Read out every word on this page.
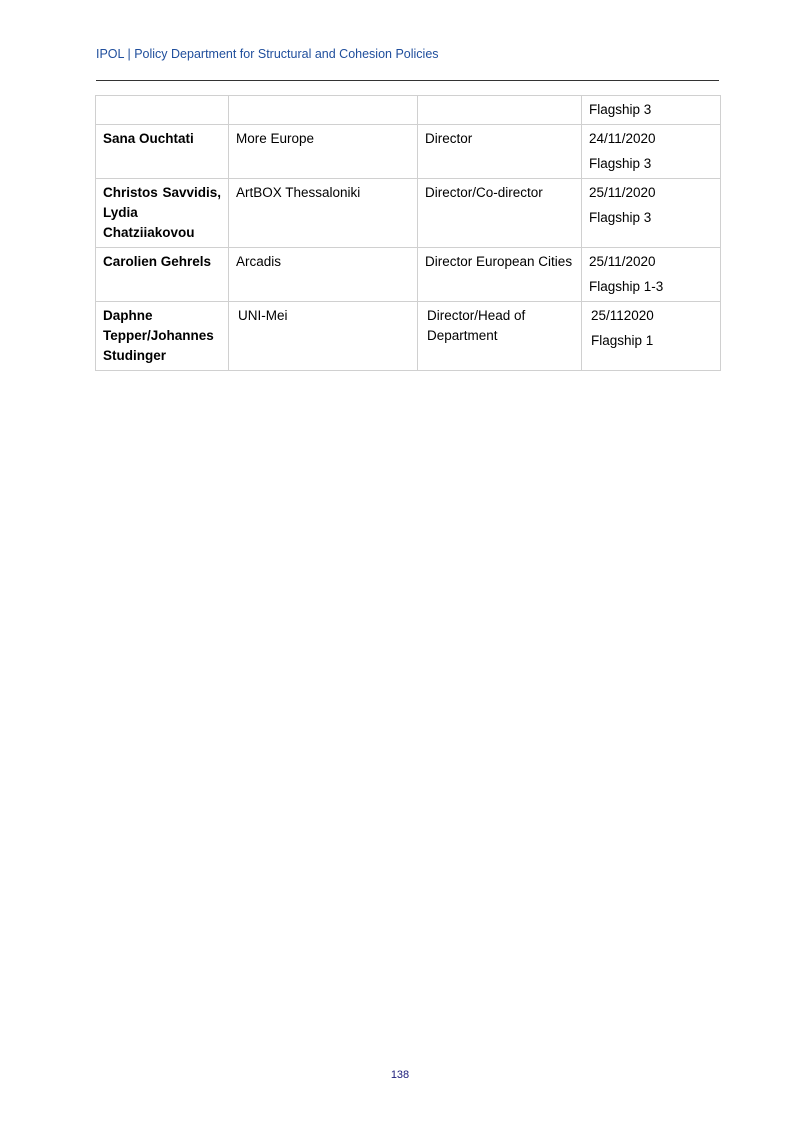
IPOL | Policy Department for Structural and Cohesion Policies

			Flagship 3

Sana Ouchtati	More Europe	Director	24/11/2020
Flagship 3

Christos Savvidis, Lydia Chatziiakovou	ArtBOX Thessaloniki	Director/Co-director	25/11/2020
Flagship 3

Carolien Gehrels	Arcadis	Director European Cities	25/11/2020
Flagship 1-3

Daphne Tepper/Johannes Studinger	UNI-Mei	Director/Head of Department	25/112020
Flagship 1
138
